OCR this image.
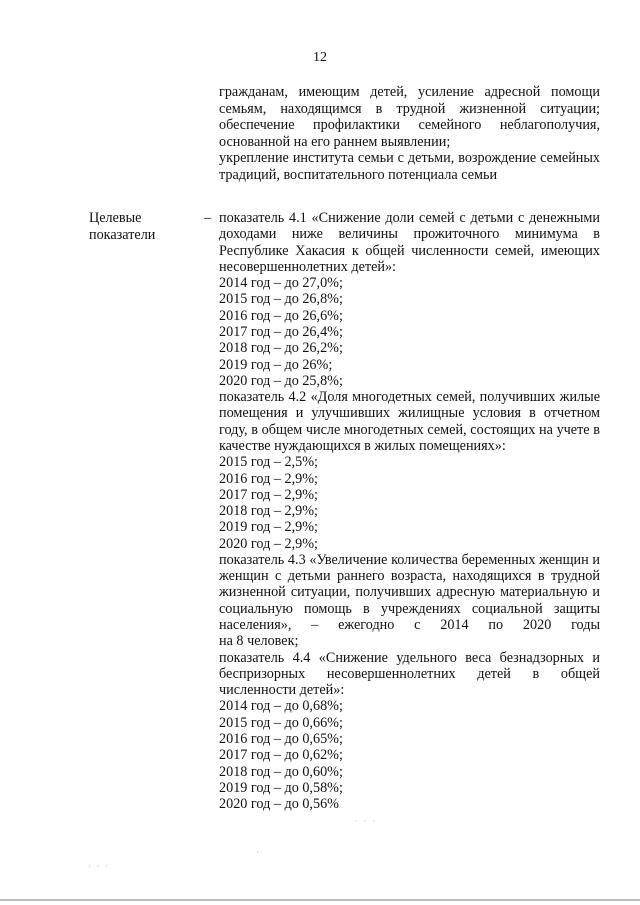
12
гражданам, имеющим детей, усиление адресной помощи
семьям, находящимся в трудной жизненной ситуации;
обеспечение профилактики семейного неблагополучия,
основанной на его раннем выявлении;
укрепление института семьи с детьми, возрождение семейных
традиций, воспитательного потенциала семьи
Целевые
показатели
– показатель 4.1 «Снижение доли семей с детьми с денежными
доходами ниже величины прожиточного минимума в
Республике Хакасия к общей численности семей, имеющих
несовершеннолетних детей»:
2014 год – до 27,0%;
2015 год – до 26,8%;
2016 год – до 26,6%;
2017 год – до 26,4%;
2018 год – до 26,2%;
2019 год – до 26%;
2020 год – до 25,8%;
показатель 4.2 «Доля многодетных семей, получивших жилые
помещения и улучшивших жилищные условия в отчетном
году, в общем числе многодетных семей, состоящих на учете в
качестве нуждающихся в жилых помещениях»:
2015 год – 2,5%;
2016 год – 2,9%;
2017 год – 2,9%;
2018 год – 2,9%;
2019 год – 2,9%;
2020 год – 2,9%;
показатель 4.3 «Увеличение количества беременных женщин и
женщин с детьми раннего возраста, находящихся в трудной
жизненной ситуации, получивших адресную материальную и
социальную помощь в учреждениях социальной защиты
населения», – ежегодно с 2014 по 2020 годы
на 8 человек;
показатель 4.4 «Снижение удельного веса безнадзорных и
беспризорных несовершеннолетних детей в общей
численности детей»:
2014 год – до 0,68%;
2015 год – до 0,66%;
2016 год – до 0,65%;
2017 год – до 0,62%;
2018 год – до 0,60%;
2019 год – до 0,58%;
2020 год – до 0,56%
· · ·
·
· · ·
